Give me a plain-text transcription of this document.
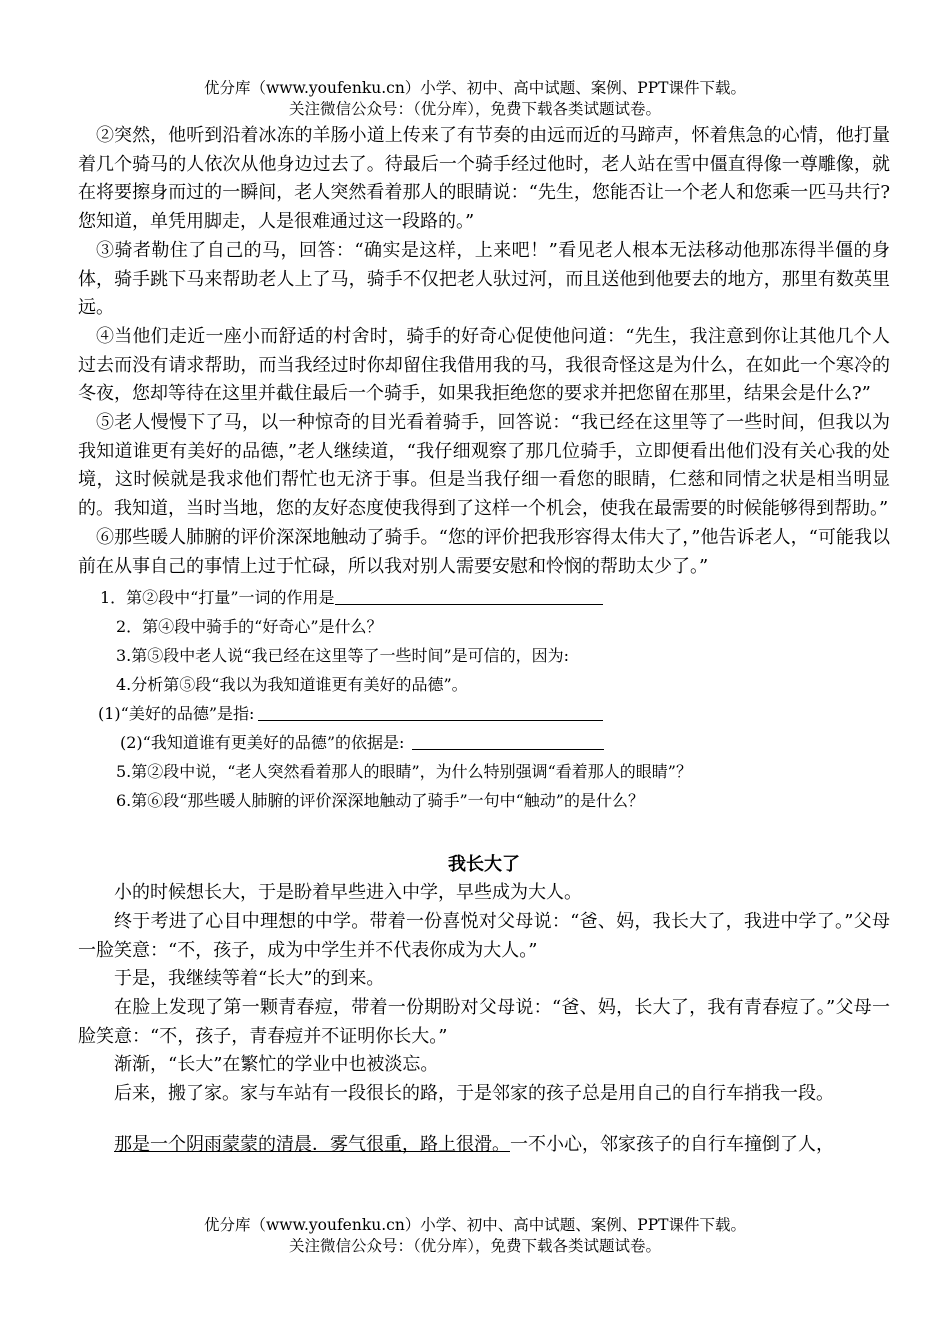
优分库（www.youfenku.cn）小学、初中、高中试题、案例、PPT课件下载。
关注微信公众号：（优分库），免费下载各类试题试卷。

②突然，他听到沿着冰冻的羊肠小道上传来了有节奏的由远而近的马蹄声，怀着焦急的心情，他打量着几个骑马的人依次从他身边过去了。待最后一个骑手经过他时，老人站在雪中僵直得像一尊雕像，就在将要擦身而过的一瞬间，老人突然看着那人的眼睛说：“先生，您能否让一个老人和您乘一匹马共行?您知道，单凭用脚走，人是很难通过这一段路的。”

③骑者勒住了自己的马，回答：“确实是这样，上来吧！”看见老人根本无法移动他那冻得半僵的身体，骑手跳下马来帮助老人上了马，骑手不仅把老人驮过河，而且送他到他要去的地方，那里有数英里远。

④当他们走近一座小而舒适的村舍时，骑手的好奇心促使他问道：“先生，我注意到你让其他几个人过去而没有请求帮助，而当我经过时你却留住我借用我的马，我很奇怪这是为什么，在如此一个寒冷的冬夜，您却等待在这里并截住最后一个骑手，如果我拒绝您的要求并把您留在那里，结果会是什么?”

⑤老人慢慢下了马，以一种惊奇的目光看着骑手，回答说：“我已经在这里等了一些时间，但我以为我知道谁更有美好的品德，”老人继续道，“我仔细观察了那几位骑手，立即便看出他们没有关心我的处境，这时候就是我求他们帮忙也无济于事。但是当我仔细一看您的眼睛，仁慈和同情之状是相当明显的。我知道，当时当地，您的友好态度使我得到了这样一个机会，使我在最需要的时候能够得到帮助。”

⑥那些暖人肺腑的评价深深地触动了骑手。“您的评价把我形容得太伟大了，”他告诉老人，“可能我以前在从事自己的事情上过于忙碌，所以我对别人需要安慰和怜悯的帮助太少了。”

1．第②段中“打量”一词的作用是

2．第④段中骑手的“好奇心”是什么？

3.第⑤段中老人说“我已经在这里等了一些时间”是可信的，因为:

4.分析第⑤段“我以为我知道谁更有美好的品德”。

(1)“美好的品德”是指:

(2)“我知道谁有更美好的品德”的依据是:

5.第②段中说，“老人突然看着那人的眼睛”，为什么特别强调“看着那人的眼睛”？

6.第⑥段“那些暖人肺腑的评价深深地触动了骑手”一句中“触动”的是什么？

我长大了

小的时候想长大，于是盼着早些进入中学，早些成为大人。

终于考进了心目中理想的中学。带着一份喜悦对父母说：“爸、妈，我长大了，我进中学了。”父母一脸笑意：“不，孩子，成为中学生并不代表你成为大人。”

于是，我继续等着“长大”的到来。

在脸上发现了第一颗青春痘，带着一份期盼对父母说：“爸、妈，长大了，我有青春痘了。”父母一脸笑意：“不，孩子，青春痘并不证明你长大。”

渐渐，“长大”在繁忙的学业中也被淡忘。

后来，搬了家。家与车站有一段很长的路，于是邻家的孩子总是用自己的自行车捎我一段。

那是一个阴雨蒙蒙的清晨．雾气很重，路上很滑。一不小心，邻家孩子的自行车撞倒了人，

优分库（www.youfenku.cn）小学、初中、高中试题、案例、PPT课件下载。
关注微信公众号：（优分库），免费下载各类试题试卷。
